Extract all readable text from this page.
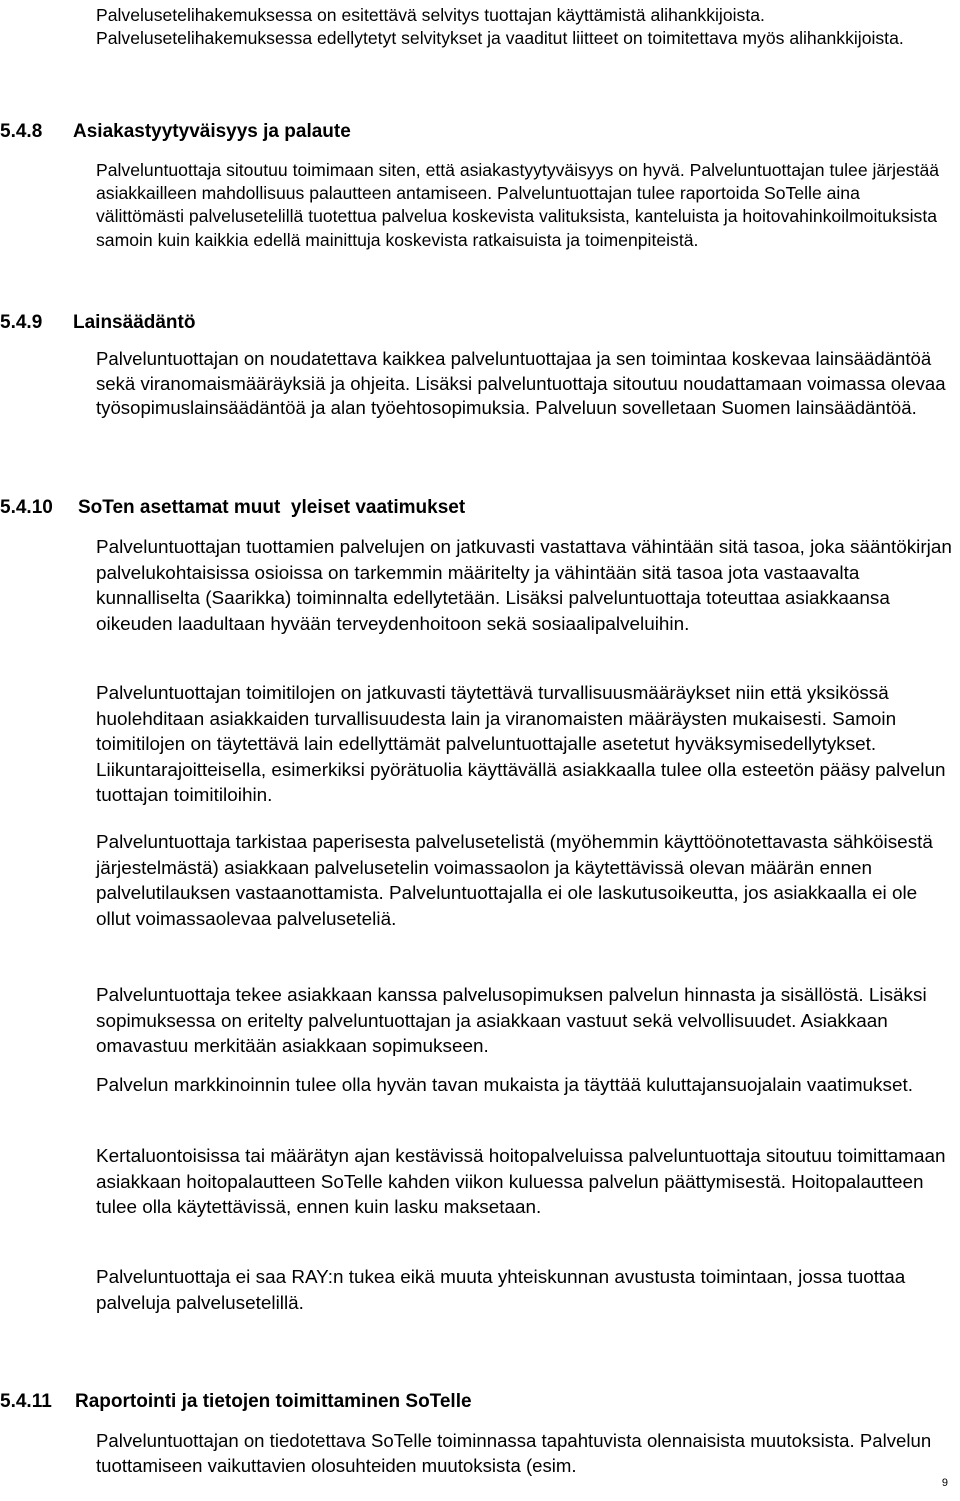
Palvelusetelihakemuksessa on esitettävä selvitys tuottajan käyttämistä alihankkijoista. Palvelusetelihakemuksessa edellytetyt selvitykset ja vaaditut liitteet on toimitettava myös alihankkijoista.

5.4.8 Asiakastyytyväisyys ja palaute

Palveluntuottaja sitoutuu toimimaan siten, että asiakastyytyväisyys on hyvä. Palveluntuottajan tulee järjestää asiakkailleen mahdollisuus palautteen antamiseen. Palveluntuottajan tulee raportoida SoTelle aina välittömästi palvelusetelillä tuotettua palvelua koskevista valituksista, kanteluista ja hoitovahinkoilmoituksista samoin kuin kaikkia edellä mainittuja koskevista ratkaisuista ja toimenpiteistä.

5.4.9 Lainsäädäntö

Palveluntuottajan on noudatettava kaikkea palveluntuottajaa ja sen toimintaa koskevaa lainsäädäntöä sekä viranomaismääräyksiä ja ohjeita. Lisäksi palveluntuottaja sitoutuu noudattamaan voimassa olevaa työsopimuslainsäädäntöä ja alan työehtosopimuksia. Palveluun sovelletaan Suomen lainsäädäntöä.

5.4.10 SoTen asettamat muut  yleiset vaatimukset

Palveluntuottajan tuottamien palvelujen on jatkuvasti vastattava vähintään sitä tasoa, joka sääntökirjan palvelukohtaisissa osioissa on tarkemmin määritelty ja vähintään sitä tasoa jota vastaavalta kunnalliselta (Saarikka) toiminnalta edellytetään. Lisäksi palveluntuottaja toteuttaa asiakkaansa oikeuden laadultaan hyvään terveydenhoitoon sekä sosiaalipalveluihin.

Palveluntuottajan toimitilojen on jatkuvasti täytettävä turvallisuusmääräykset niin että yksikössä huolehditaan asiakkaiden turvallisuudesta lain ja viranomaisten määräysten mukaisesti. Samoin toimitilojen on täytettävä lain edellyttämät palveluntuottajalle asetetut hyväksymisedellytykset. Liikuntarajoitteisella, esimerkiksi pyörätuolia käyttävällä asiakkaalla tulee olla esteetön pääsy palvelun tuottajan toimitiloihin.

Palveluntuottaja tarkistaa paperisesta palvelusetelistä (myöhemmin käyttöönotettavasta sähköisestä järjestelmästä) asiakkaan palvelusetelin voimassaolon ja käytettävissä olevan määrän ennen palvelutilauksen vastaanottamista. Palveluntuottajalla ei ole laskutusoikeutta, jos asiakkaalla ei ole ollut voimassaolevaa palveluseteliä.

Palveluntuottaja tekee asiakkaan kanssa palvelusopimuksen palvelun hinnasta ja sisällöstä. Lisäksi sopimuksessa on eritelty palveluntuottajan ja asiakkaan vastuut sekä velvollisuudet. Asiakkaan omavastuu merkitään asiakkaan sopimukseen.

Palvelun markkinoinnin tulee olla hyvän tavan mukaista ja täyttää kuluttajansuojalain vaatimukset.

Kertaluontoisissa tai määrätyn ajan kestävissä hoitopalveluissa palveluntuottaja sitoutuu toimittamaan asiakkaan hoitopalautteen SoTelle kahden viikon kuluessa palvelun päättymisestä. Hoitopalautteen tulee olla käytettävissä, ennen kuin lasku maksetaan.

Palveluntuottaja ei saa RAY:n tukea eikä muuta yhteiskunnan avustusta toimintaan, jossa tuottaa palveluja palvelusetelillä.

5.4.11 Raportointi ja tietojen toimittaminen SoTelle

Palveluntuottajan on tiedotettava SoTelle toiminnassa tapahtuvista olennaisista muutoksista. Palvelun tuottamiseen vaikuttavien olosuhteiden muutoksista (esim.

9
